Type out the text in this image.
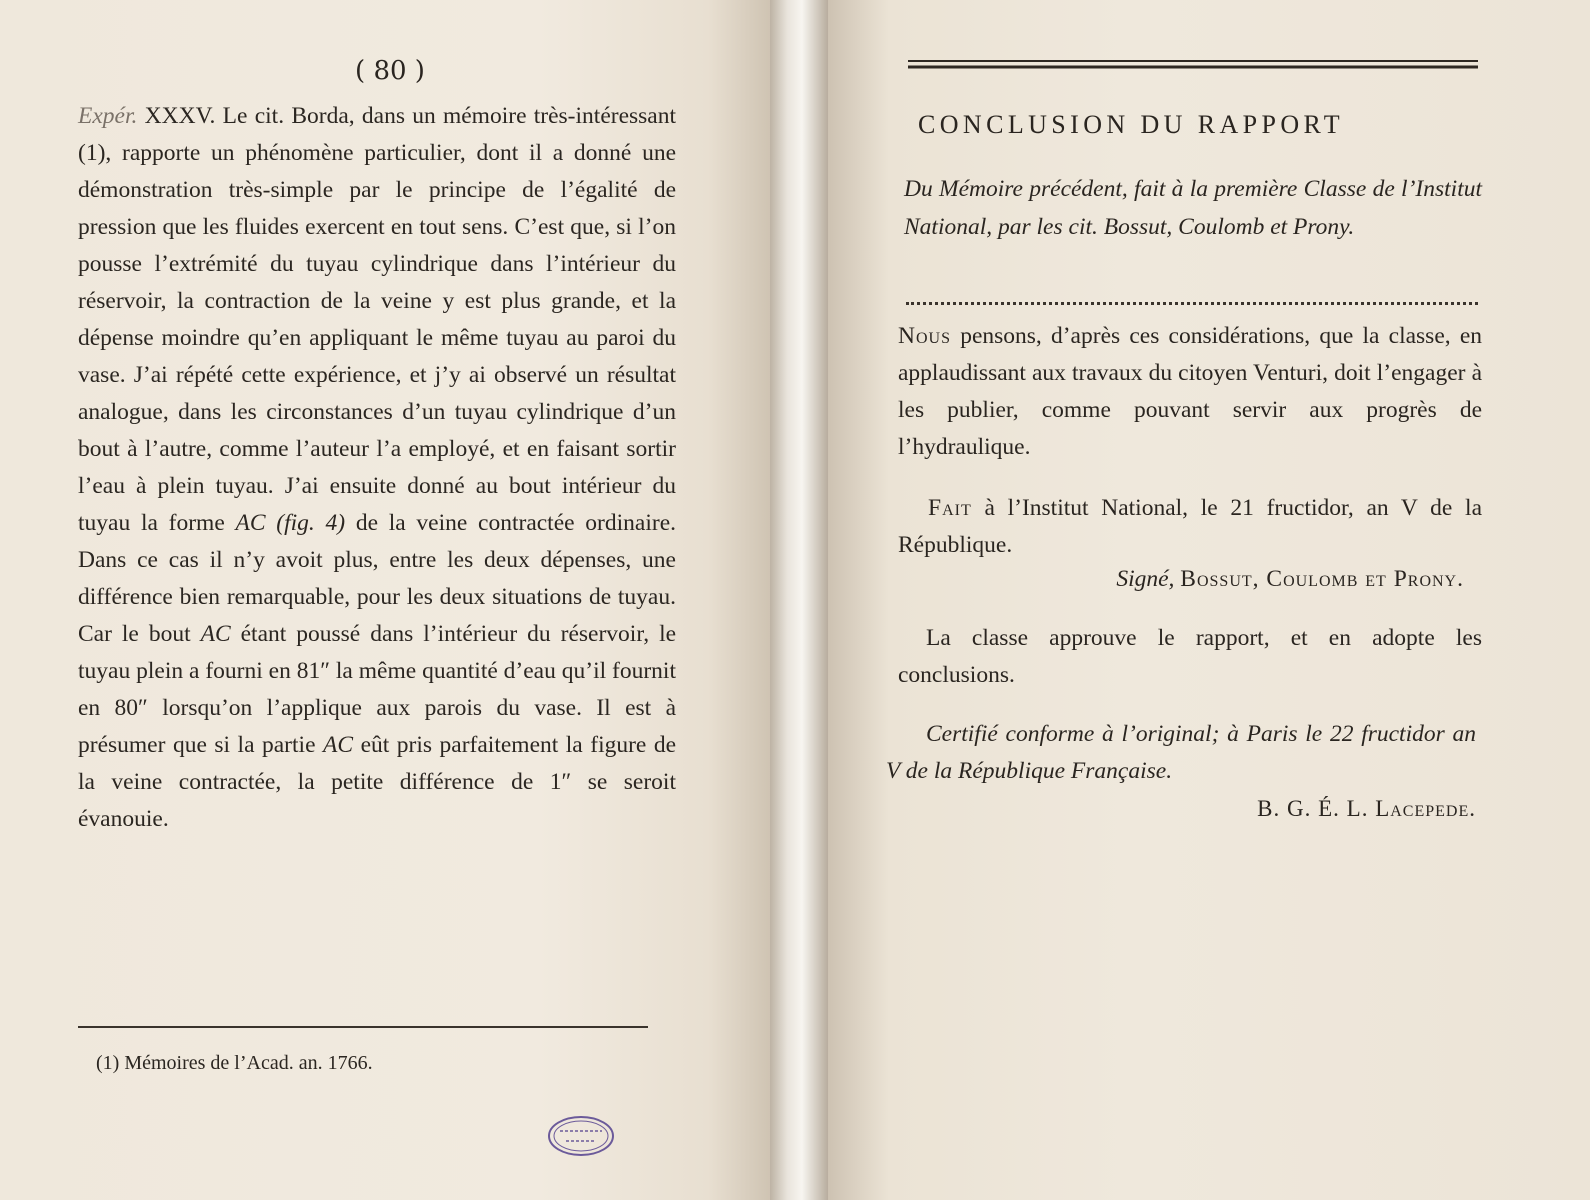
( 80 )
Expér. XXXV. Le cit. Borda, dans un mémoire très-intéressant (1), rapporte un phénomène particulier, dont il a donné une démonstration très-simple par le principe de l’égalité de pression que les fluides exercent en tout sens. C’est que, si l’on pousse l’extrémité du tuyau cylindrique dans l’intérieur du réservoir, la contraction de la veine y est plus grande, et la dépense moindre qu’en appliquant le même tuyau au paroi du vase. J’ai répété cette expérience, et j’y ai observé un résultat analogue, dans les circonstances d’un tuyau cylindrique d’un bout à l’autre, comme l’auteur l’a employé, et en faisant sortir l’eau à plein tuyau. J’ai ensuite donné au bout intérieur du tuyau la forme AC (fig. 4) de la veine contractée ordinaire. Dans ce cas il n’y avoit plus, entre les deux dépenses, une différence bien remarquable, pour les deux situations de tuyau. Car le bout AC étant poussé dans l’intérieur du réservoir, le tuyau plein a fourni en 81″ la même quantité d’eau qu’il fournit en 80″ lorsqu’on l’applique aux parois du vase. Il est à présumer que si la partie AC eût pris parfaitement la figure de la veine contractée, la petite différence de 1″ se seroit évanouie.
(1) Mémoires de l’Acad. an. 1766.
CONCLUSION DU RAPPORT
Du Mémoire précédent, fait à la première Classe de l’Institut National, par les cit. Bossut, Coulomb et Prony.
Nous pensons, d’après ces considérations, que la classe, en applaudissant aux travaux du citoyen Venturi, doit l’engager à les publier, comme pouvant servir aux progrès de l’hydraulique.
Fait à l’Institut National, le 21 fructidor, an V de la République.
Signé, Bossut, Coulomb et Prony.
La classe approuve le rapport, et en adopte les conclusions.
Certifié conforme à l’original; à Paris le 22 fructidor an V de la République Française.
B. G. É. L. Lacepede.
